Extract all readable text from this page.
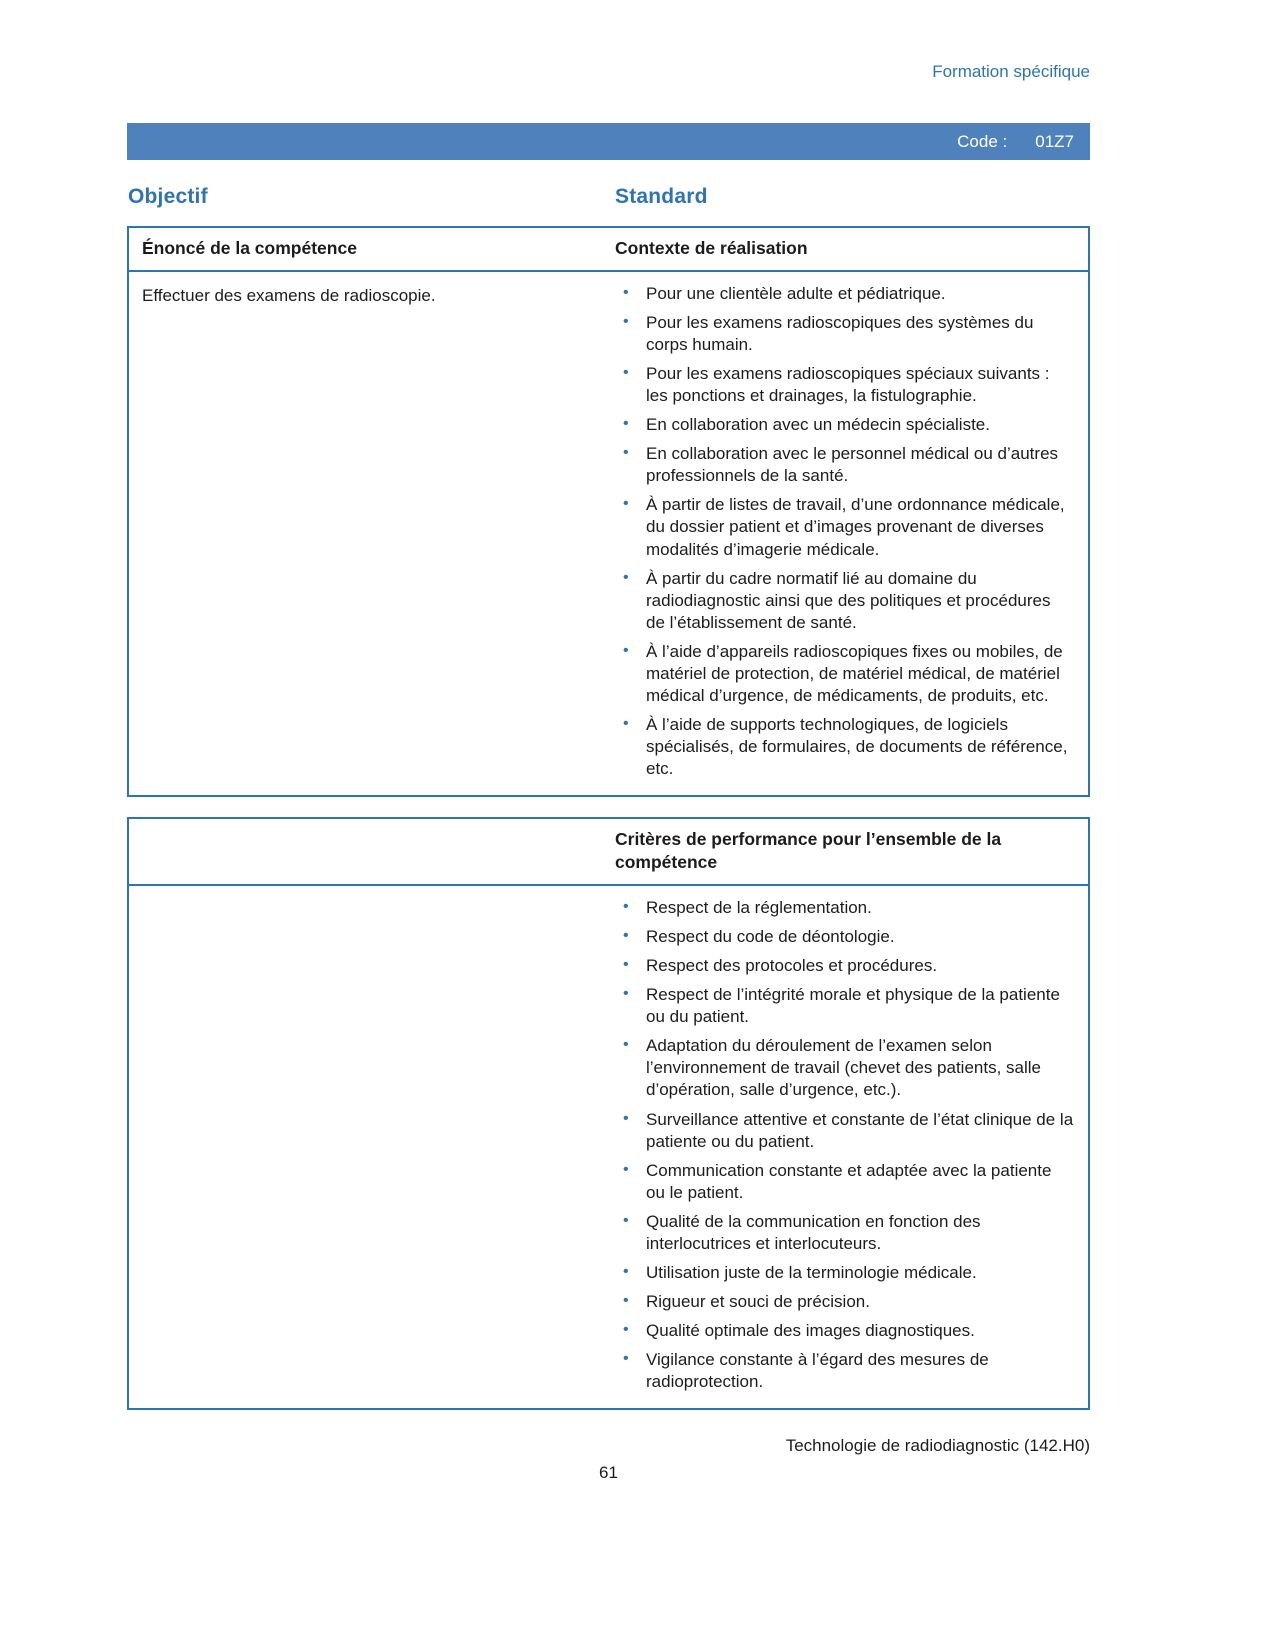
Formation spécifique
Code : 01Z7
Objectif	Standard
Énoncé de la compétence	Contexte de réalisation
Effectuer des examens de radioscopie.	•	Pour une clientèle adulte et pédiatrique.
•	Pour les examens radioscopiques des systèmes du corps humain.
•	Pour les examens radioscopiques spéciaux suivants : les ponctions et drainages, la fistulographie.
•	En collaboration avec un médecin spécialiste.
•	En collaboration avec le personnel médical ou d’autres professionnels de la santé.
•	À partir de listes de travail, d’une ordonnance médicale, du dossier patient et d’images provenant de diverses modalités d’imagerie médicale.
•	À partir du cadre normatif lié au domaine du radiodiagnostic ainsi que des politiques et procédures de l’établissement de santé.
•	À l’aide d’appareils radioscopiques fixes ou mobiles, de matériel de protection, de matériel médical, de matériel médical d’urgence, de médicaments, de produits, etc.
•	À l’aide de supports technologiques, de logiciels spécialisés, de formulaires, de documents de référence, etc.
Critères de performance pour l’ensemble de la compétence
•	Respect de la réglementation.
•	Respect du code de déontologie.
•	Respect des protocoles et procédures.
•	Respect de l’intégrité morale et physique de la patiente ou du patient.
•	Adaptation du déroulement de l’examen selon l’environnement de travail (chevet des patients, salle d’opération, salle d’urgence, etc.).
•	Surveillance attentive et constante de l’état clinique de la patiente ou du patient.
•	Communication constante et adaptée avec la patiente ou le patient.
•	Qualité de la communication en fonction des interlocutrices et interlocuteurs.
•	Utilisation juste de la terminologie médicale.
•	Rigueur et souci de précision.
•	Qualité optimale des images diagnostiques.
•	Vigilance constante à l’égard des mesures de radioprotection.
Technologie de radiodiagnostic (142.H0)
61
